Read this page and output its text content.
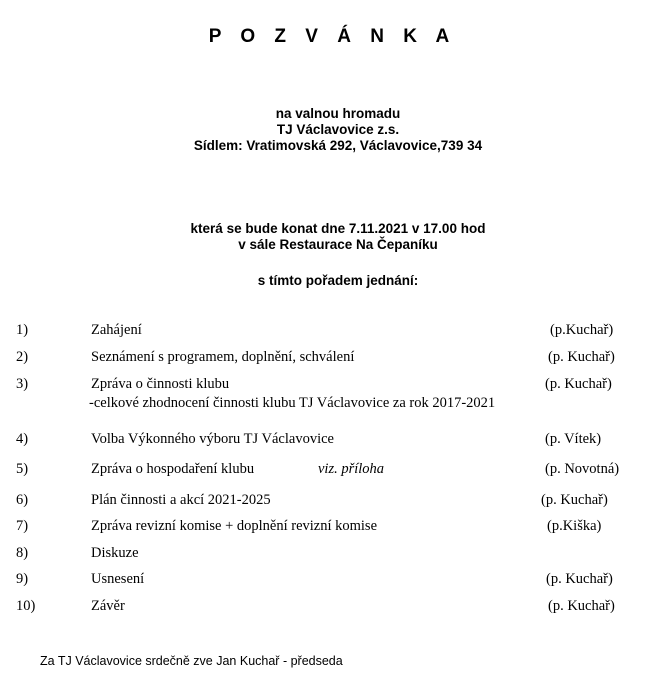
P O Z V Á N K A
na valnou hromadu
TJ Václavovice z.s.
Sídlem: Vratimovská 292, Václavovice,739 34
která se bude konat dne 7.11.2021 v 17.00 hod
v sále Restaurace Na Čepaníku
s tímto pořadem jednání:
1)	Zahájení	(p.Kuchař)
2)	Seznámení s programem, doplnění, schválení	(p. Kuchař)
3)	Zpráva o činnosti klubu	(p. Kuchař)
-celkové zhodnocení činnosti klubu TJ Václavovice za rok 2017-2021
4)	Volba Výkonného výboru TJ Václavovice	(p. Vítek)
5)	Zpráva o hospodaření klubu	viz. příloha	(p. Novotná)
6)	Plán činnosti a akcí 2021-2025	(p. Kuchař)
7)	Zpráva revizní komise + doplnění revizní komise	(p.Kiška)
8)	Diskuze
9)	Usnesení	(p. Kuchař)
10)	Závěr	(p. Kuchař)
Za TJ Václavovice srdečně zve Jan Kuchař - předseda
